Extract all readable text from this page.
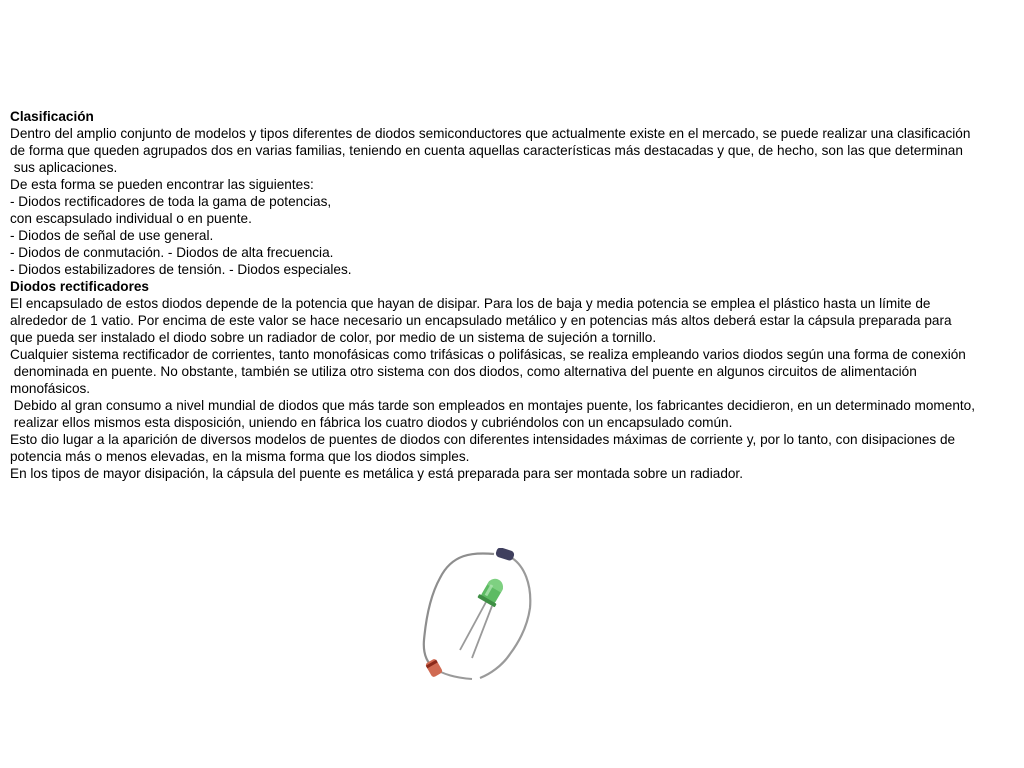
Clasificación
Dentro del amplio conjunto de modelos y tipos diferentes de diodos semiconductores que actualmente existe en el mercado, se puede realizar una clasificación
de forma que queden agrupados dos en varias familias, teniendo en cuenta aquellas características más destacadas y que, de hecho, son las que determinan
sus aplicaciones.
De esta forma se pueden encontrar las siguientes:
- Diodos rectificadores de toda la gama de potencias,
con escapsulado individual o en puente.
- Diodos de señal de use general.
- Diodos de conmutación. - Diodos de alta frecuencia.
- Diodos estabilizadores de tensión. - Diodos especiales.
Diodos rectificadores
El encapsulado de estos diodos depende de la potencia que hayan de disipar. Para los de baja y media potencia se emplea el plástico hasta un límite de
alrededor de 1 vatio. Por encima de este valor se hace necesario un encapsulado metálico y en potencias más altos deberá estar la cápsula preparada para
que pueda ser instalado el diodo sobre un radiador de color, por medio de un sistema de sujeción a tornillo.
Cualquier sistema rectificador de corrientes, tanto monofásicas como trifásicas o polifásicas, se realiza empleando varios diodos según una forma de conexión
denominada en puente. No obstante, también se utiliza otro sistema con dos diodos, como alternativa del puente en algunos circuitos de alimentación
monofásicos.
Debido al gran consumo a nivel mundial de diodos que más tarde son empleados en montajes puente, los fabricantes decidieron, en un determinado momento,
realizar ellos mismos esta disposición, uniendo en fábrica los cuatro diodos y cubriéndolos con un encapsulado común.
Esto dio lugar a la aparición de diversos modelos de puentes de diodos con diferentes intensidades máximas de corriente y, por lo tanto, con disipaciones de
potencia más o menos elevadas, en la misma forma que los diodos simples.
En los tipos de mayor disipación, la cápsula del puente es metálica y está preparada para ser montada sobre un radiador.
